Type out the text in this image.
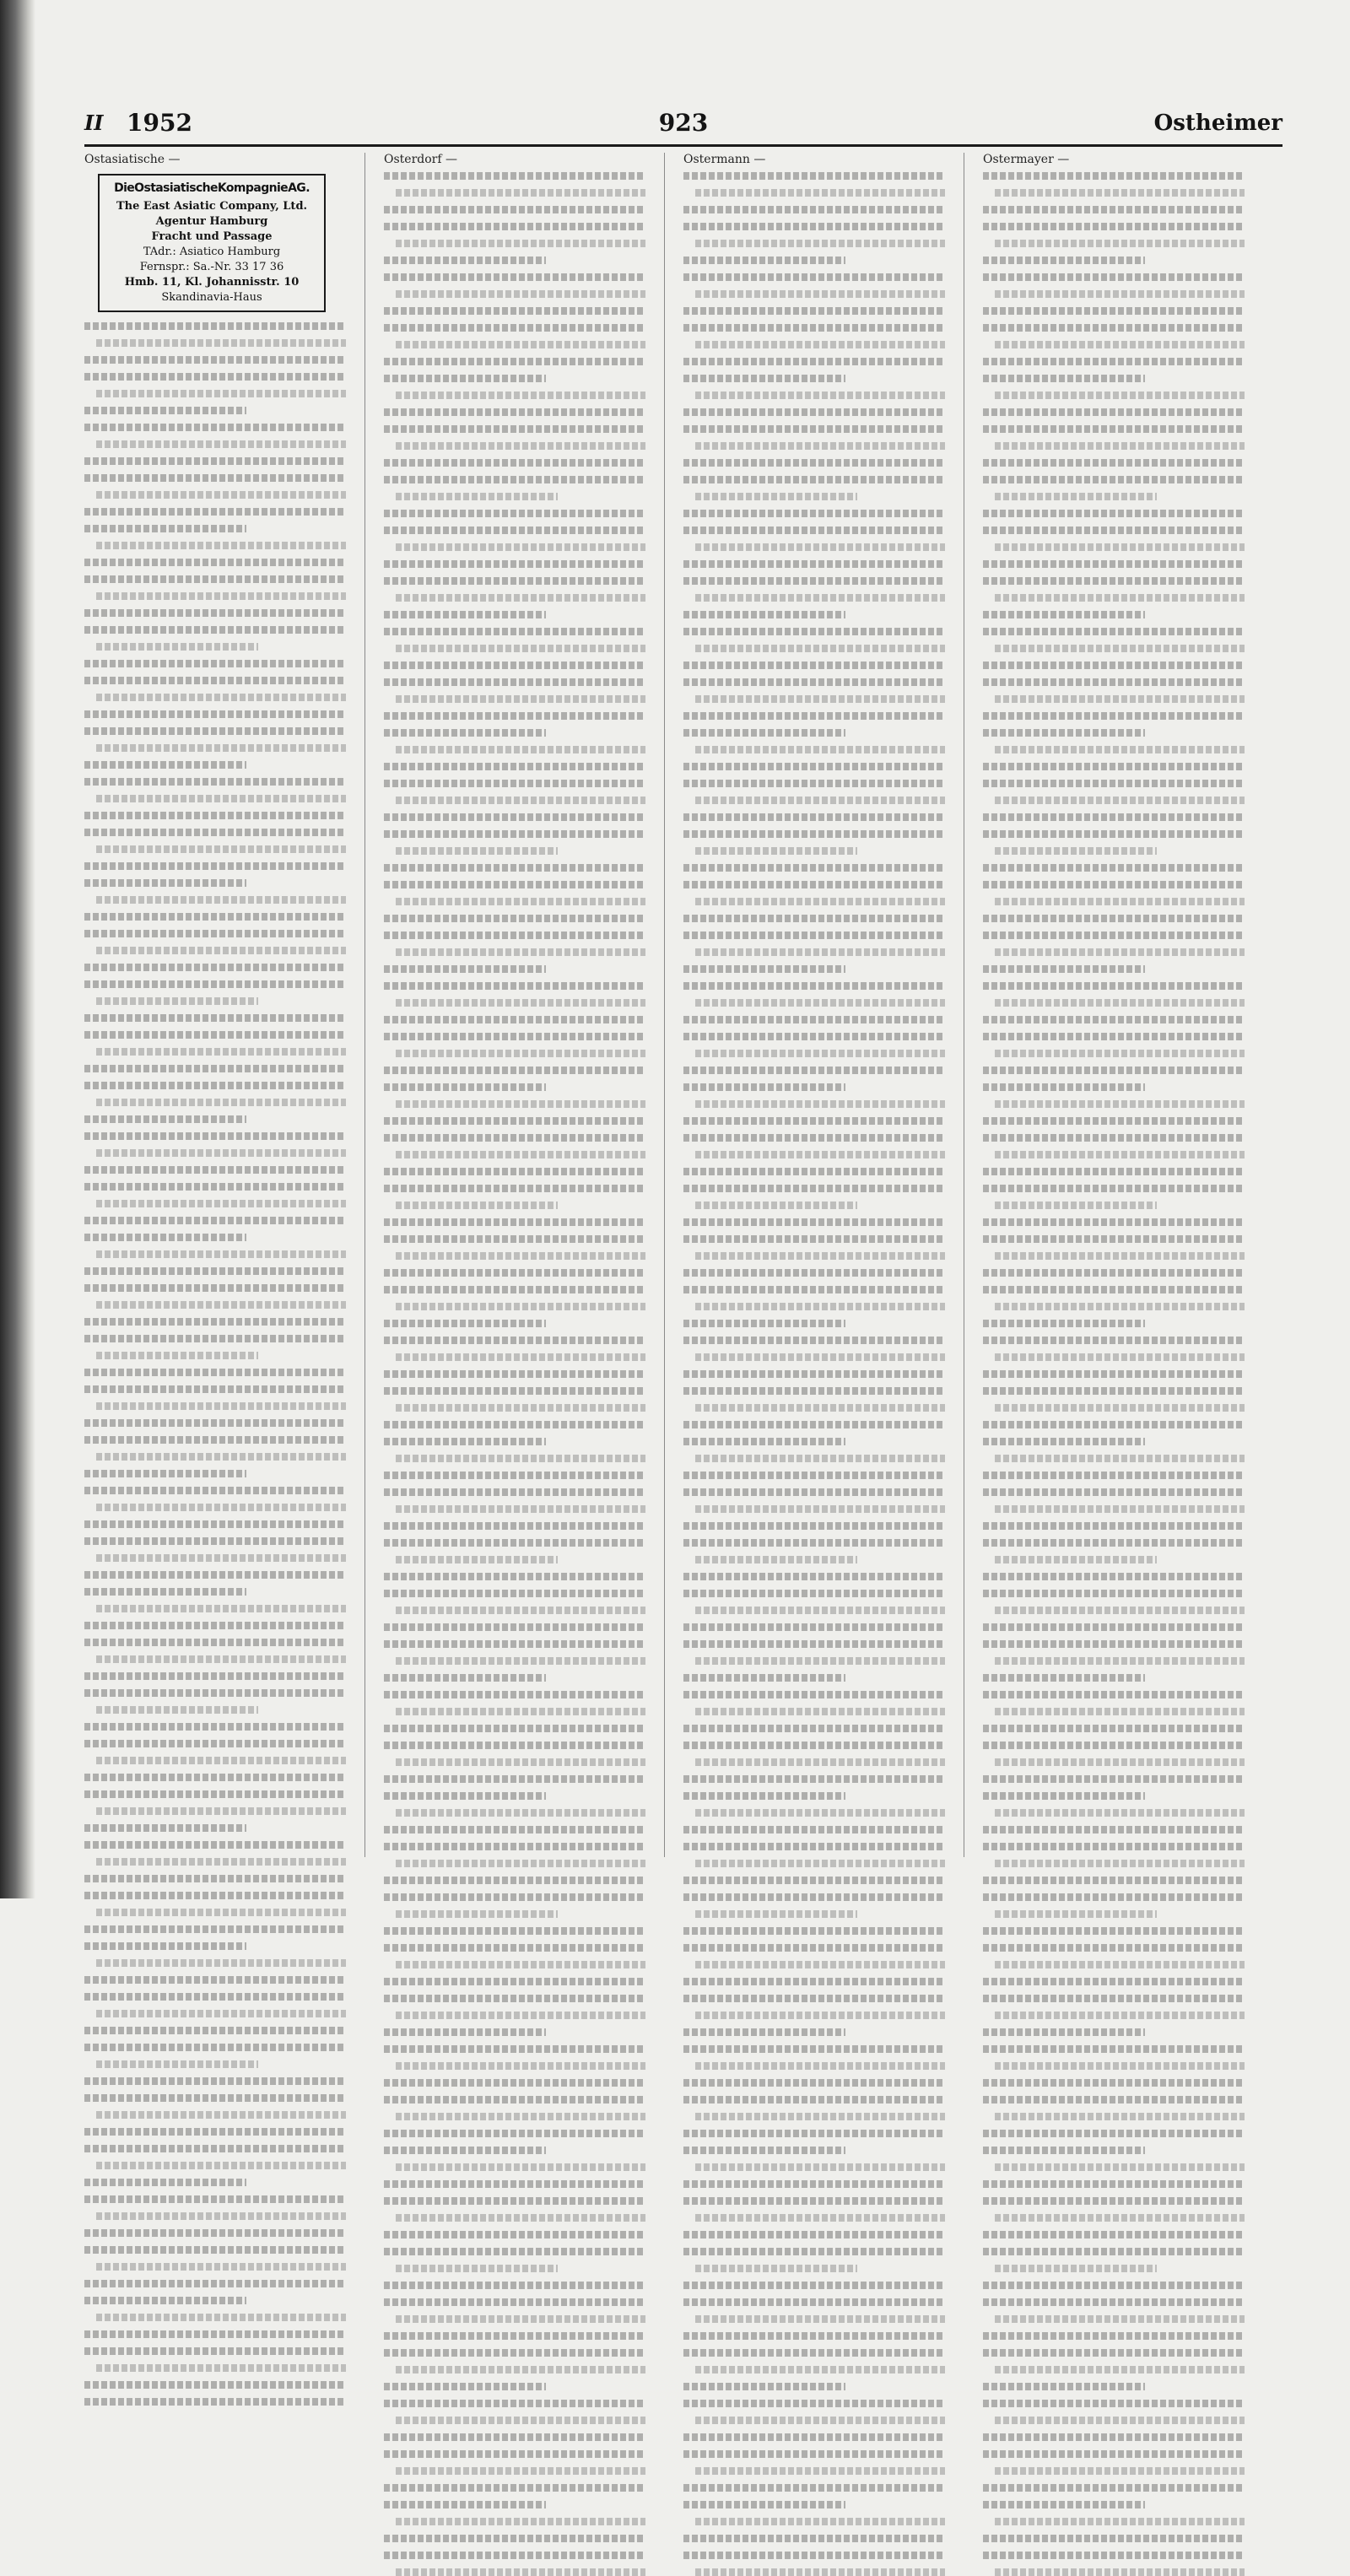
II 1952	923	Ostheimer
Ostasiatische —
DieOstasiatischeKompagnieAG.
The East Asiatic Company, Ltd.
Agentur Hamburg
Fracht und Passage
TAdr.: Asiatico Hamburg
Fernspr.: Sa.-Nr. 33 17 36
Hmb. 11, Kl. Johannisstr. 10
Skandinavia-Haus
Osterdorf —	Ostermann —	Ostermayer —
